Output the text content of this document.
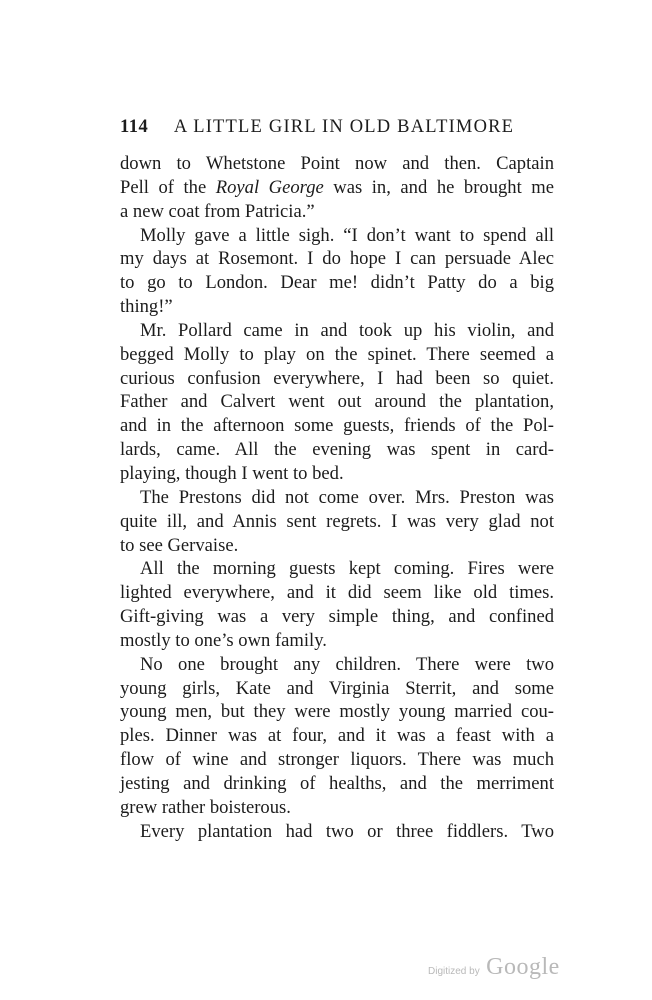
114 A LITTLE GIRL IN OLD BALTIMORE
down to Whetstone Point now and then. Captain
Pell of the Royal George was in, and he brought me
a new coat from Patricia.”
Molly gave a little sigh. “I don’t want to spend all
my days at Rosemont. I do hope I can persuade Alec
to go to London. Dear me! didn’t Patty do a big
thing!”
Mr. Pollard came in and took up his violin, and
begged Molly to play on the spinet. There seemed a
curious confusion everywhere, I had been so quiet.
Father and Calvert went out around the plantation,
and in the afternoon some guests, friends of the Pol-
lards, came. All the evening was spent in card-
playing, though I went to bed.
The Prestons did not come over. Mrs. Preston was
quite ill, and Annis sent regrets. I was very glad not
to see Gervaise.
All the morning guests kept coming. Fires were
lighted everywhere, and it did seem like old times.
Gift-giving was a very simple thing, and confined
mostly to one’s own family.
No one brought any children. There were two
young girls, Kate and Virginia Sterrit, and some
young men, but they were mostly young married cou-
ples. Dinner was at four, and it was a feast with a
flow of wine and stronger liquors. There was much
jesting and drinking of healths, and the merriment
grew rather boisterous.
Every plantation had two or three fiddlers. Two
Digitized by Google
